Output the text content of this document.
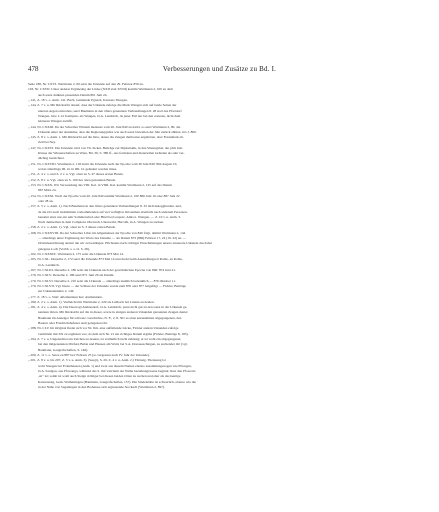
478	Verbesserungen und Zusätze zu Bd. I.
Seite 188, Nr. CXVI. Wartmann 2, 60 setzt die Urkunde auf den 29. Februar 856 an.
193, Nr. CXVII. Unter anderer Ergänzung der Lücke (XXII statt XVIII) kommt Wartmann 2, 100 zu dem
auch sonst dunklen passenden Datum 861 Juni 24.
„ 141, Z. 18 v. o. Anm. 141. Bach, Gemeinde Egnach, Kantons Thurgau.
„ 144, Z. 7 v. u. Mit Rücksicht darauf, dass der Urkunde zufolge die Mark Wangen sich auf beide Seiten der
unteren Argen erstreckte, setzt Baumann in den öfters genannten Verhandlungen 8. 28 statt das Pfarrdorf
Wangen, bzw. L.O. Kempten, als Wangen, O.A. Lentkirch, da jener Fall nur bei den ersteren, nicht dem
letzteren Wangen zutrifft.
„ 144, Nr. CXXIII. Da der Schreiber Wirsum meistens vom 20. Juni 840 an datirt, so setzt Wartmann 2, 80, die
Urkunde unter der Annahme, dass die Regierungsjahre wie auch sonst bisweilen der Jahr zurück zählen, in's J. 860.
„ 145, Z. 8 v. o. Anm. 1. Mit Rücksicht auf die Orte, denen die Zeugen theilweise angehören, aber Fraunmark als
Zell bei Ney.
„ 147, Nr. CXXVI. Die Urkunde wird von Th. Sickel, Beiträge zur Diplomatik, in den Sitzungsber. der phil. hist.
Klasse der Wissenschaften zu Wien, Bd. 39, S. 386 ff., aus formalen und materiellen Gründen als sehr ver-
dächtig bezeichnet.
„ 151, Nr. CXXVIII. Wartmann 2, 118 datirt die Urkunde nach der Epoche vom 30 Juni 840: 864 August 10,
wobei allerdings III. id. in IIII. id. geändert werden muss.
„ 151, Z. 4 v. o. und Z. 2 v. u. Vgl. oben zu S. 47 dieses ersten Bands.
„ 152, Z. 8 v. u. Vgl. oben zu S. 109 des oben genannten Bands.
„ 153, Nr. CXXX. Wir Verwendung das VIII. Kal. in VIIII. Kal. kommt Wartmann 2, 125 auf das Datum
867 März 24.
„ 154, Nr. CXXXI. Nach der Epoche vom 20. Juni 840 stammt Wartmann 2, 100 866 Juni 16 oder 867 Juni 22
oder 28 an.
„ 157, Z. 5 v. o. Anm. 1). Nach Baumann in den öfters genannten Verhandlungen 8. 32 im Kisslegghurden, und,
da die Ort nach bestimmten vorkommenden auf viel verfügbar Ortsnamen ebenfalls nach anderem Personen-
benannt sind, nur ein sehr Sommerwind oder Hind bei Leupolz, Amts n. Wangen. — Z. 10 v. u. Anm. 3.
Nach demselben in dem Complexe Oberweh, Unterwehl, Herrolh, O.A. Wangen zu suchen.
„ 158, Z. 2 v. o. Anm. 1). Vgl. oben zu S. 3 dieses ersten Bands.
„ 168, Nr. CXXXVIII. Da der Schreiber Lihto im Allgemeinen der Epoche von 840 folgt, nimmt Wartmann 2, 144
— allerdings unter Ergänzung der Worte des Datums — als Datum 873 (869) Februar 17, 24 (19. 22) an. —
Orteinbezeichnung anstatt die wir zu bestätigen. Höchstens nach richtiger Einschätzungen unsere erneuerte Urkunde das dabei
gelegene Loch (Vorbh. s. a. O. S. 28).
„ 162, Nr. CXXXIX. Wartmann 2, 175 setzt die Urkunde 873 Mai 14.
„ 165, Nr. CXL. Derselbe 2, 172 setzt die Urkunde 873 Mai 14 und deckt beim Ausstellungsort Rothe, an Rothe,
O.A. Lentkirch.
„ 167, Nr. CXLIII. Derselbe 2, 180 setzt die Urkunde nach der gewöhnlichen Epoche von 840: 874 Juni 21.
„ 170, Nr. CXLV. Derselbe 2, 186 setzt 871 Juni 26 als Datum.
„ 170, Nr. CXLVI. Derselbe 2, 210 setzt die Urkunde — allerdings ziemlich bedenklich — 876 Oktober 11.
„ 170, Nr. CXLVII. Vgl. hiezu — der Schluss der Urkunde wurde zum 876 oder 877 beigefügt — Fickler, Beiträge
zur Urkundenlehre 2, 146.
„ 177, Z. 18 v. o. Statt: Allemannien lies: Alamannien.
„ 180, Z. 2 v. o. Anm. 1). Vielleicht mit Wartmann 2, 220 als Lehbach bei Lindau zu deuten.
„ 181, Z. 4 v. o. Anm. 4). Die Duotrogi Alahtesdorf, O.A. Lentkirch, passt nicht gut zu den sonst in der Urkunde ge-
nannten Orten. Mit Rücksicht auf die in dieser, sowie in einigen anderen Urkunden genannten Zeugen deutet
Baumann im Anzeiger für schweiz. Geschichte, N. F., 2, 8, 301 es eben anzunehmen abgegangenen, den
Bauern oder Friedrichshafener Ault gelegenen Ort.
„ 188, Nr. CLV. Im Original findet sich vor Nr. Itm. eine auffallende Lücke, Fickler andern Urkunden zufolge
vermitteln mit XX zu ergänzen wer, da dem sich Nr. 21 ein richtiges Datum ergäbe (Fickler, Beiträge 8, 183).
„ 194, Z. 7 v. u. Ungenachtet ein Zeichen zu deuten, ist vermutlich nicht zulässig; er ist wohl ein abgegangener,
bei den mitgenannten Dörfern Babie und Hausen am Wald, bei S.A. Donaueschingen, zu suchender Ort (vgl.
Baumann, Gaugrafschaften, S. 146).
„ 200, Z. 11 v. o. Setze zu 887 bei: Februar 25 (so vergessen nach IV. fuhr der Urkunde).
„ 201, Z. 8 v. u. bis 207, Z. 5 v. u. Anm. 3). (Seegt), S. 20, Z. 4 v. u. Anm. 2.) Thönsig, Theissung ist
wohl Stuegen bei Frohnhausen (Anm. 1) und zwar aus diesem Namen ebenso zusammengezogen wie Pflongen,
O.A. Saulgau, aus Pfowanga, während das S. mit welchem der Name beziehungsweise beginnt. Rest den Pfowerta
„in“ ist; somit ist wohl auch Steign richtiger bei diesen beiden Orten zu suchen und eher als das heutige
Katzenstaig, Gem. Walfenlingen (Baumann, Gaugrafschaften, 157). Die Sindelstätte ist schwerlich, ebenso wie die
in der Nähe von Saganingen in den Bodensee sich ergiessende Stockach (Wartmann 2, 897).
